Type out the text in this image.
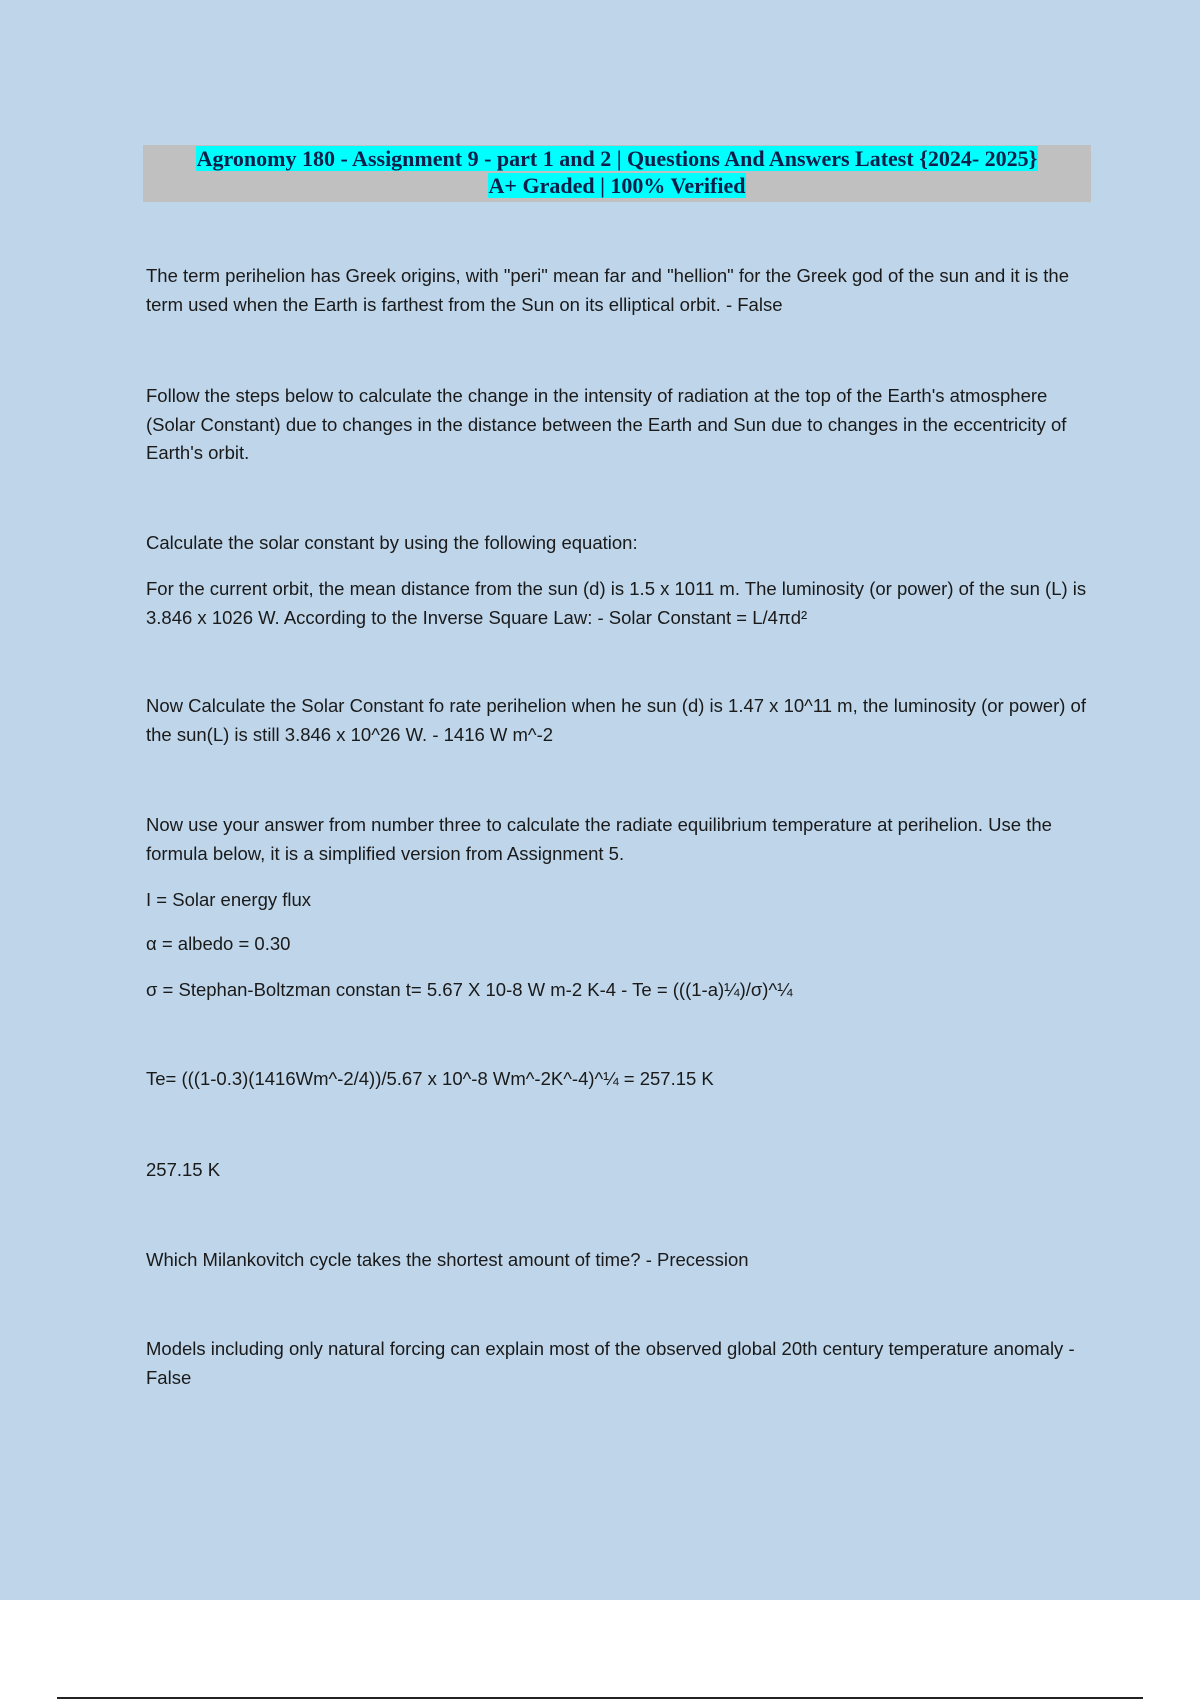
Agronomy 180 - Assignment 9 - part 1 and 2 | Questions And Answers Latest {2024- 2025}
A+ Graded | 100% Verified

The term perihelion has Greek origins, with "peri" mean far and "hellion" for the Greek god of the sun and it is the term used when the Earth is farthest from the Sun on its elliptical orbit. - False

Follow the steps below to calculate the change in the intensity of radiation at the top of the Earth's atmosphere (Solar Constant) due to changes in the distance between the Earth and Sun due to changes in the eccentricity of Earth's orbit.

Calculate the solar constant by using the following equation:

For the current orbit, the mean distance from the sun (d) is 1.5 x 1011 m. The luminosity (or power) of the sun (L) is 3.846 x 1026 W. According to the Inverse Square Law: - Solar Constant = L/4πd²

Now Calculate the Solar Constant fo rate perihelion when he sun (d) is 1.47 x 10^11 m, the luminosity (or power) of the sun(L) is still 3.846 x 10^26 W. - 1416 W m^-2

Now use your answer from number three to calculate the radiate equilibrium temperature at perihelion. Use the formula below, it is a simplified version from Assignment 5.

I = Solar energy flux

α = albedo = 0.30

σ = Stephan-Boltzman constan t= 5.67 X 10-8 W m-2 K-4 - Te = (((1-a)¼)/σ)^¼

Te= (((1-0.3)(1416Wm^-2/4))/5.67 x 10^-8 Wm^-2K^-4)^¼ = 257.15 K

257.15 K

Which Milankovitch cycle takes the shortest amount of time? - Precession

Models including only natural forcing can explain most of the observed global 20th century temperature anomaly - False
